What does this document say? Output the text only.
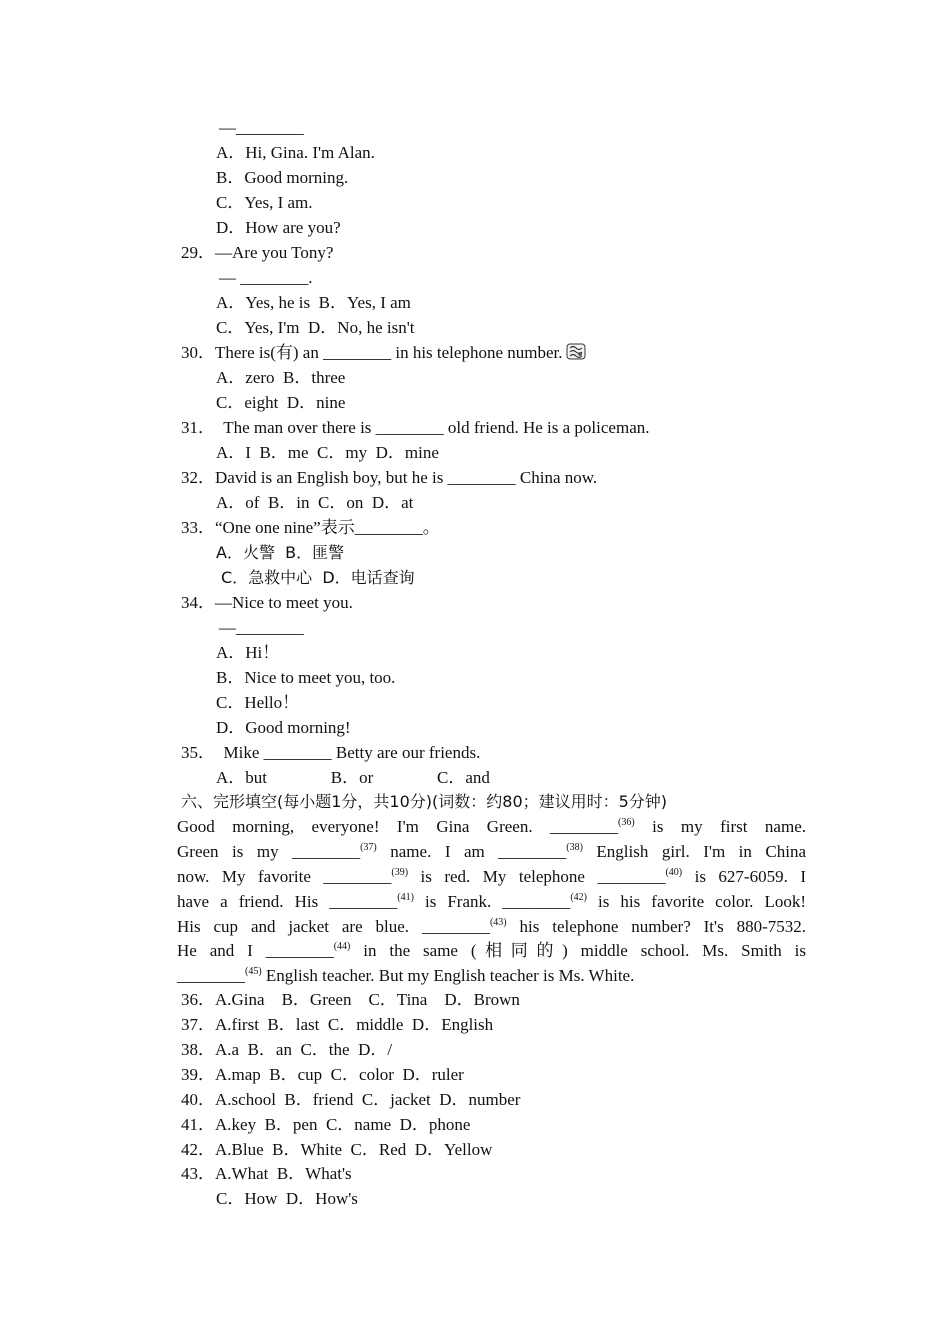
—________
A．Hi, Gina. I'm Alan.
B．Good morning.
C．Yes, I am.
D．How are you?
29．—Are you Tony?
— ________.
A．Yes, he is  B．Yes, I am
C．Yes, I'm  D．No, he isn't
30．There is(有) an ________ in his telephone number.
A．zero  B．three
C．eight  D．nine
31．  The man over there is ________ old friend. He is a policeman.
A．I  B．me  C．my  D．mine
32．David is an English boy, but he is ________ China now.
A．of  B．in  C．on  D．at
33．“One one nine”表示________。
A．火警  B．匪警
C．急救中心  D．电话查询
34．—Nice to meet you.
—________
A．Hi！
B．Nice to meet you, too.
C．Hello！
D．Good morning!
35．  Mike ________ Betty are our friends.
A．but               B．or               C．and
六、完形填空(每小题1分，共10分)(词数：约80；建议用时：5分钟)
Good morning, everyone! I'm Gina Green. ________$^{(36)}$ is my first name.
Green is my ________$^{(37)}$ name. I am ________$^{(38)}$ English girl. I'm in China
now. My favorite ________$^{(39)}$ is red. My telephone ________$^{(40)}$ is 627-6059. I
have a friend. His ________$^{(41)}$ is Frank. ________$^{(42)}$ is his favorite color. Look!
His cup and jacket are blue. ________$^{(43)}$ his telephone number? It's 880-7532.
He and I ________$^{(44)}$ in the same (相同的) middle school. Ms. Smith is
________$^{(45)}$ English teacher. But my English teacher is Ms. White.
36．A.Gina    B．Green    C．Tina    D．Brown
37．A.first  B．last  C．middle  D．English
38．A.a  B．an  C．the  D．/
39．A.map  B．cup  C．color  D．ruler
40．A.school  B．friend  C．jacket  D．number
41．A.key  B．pen  C．name  D．phone
42．A.Blue  B．White  C．Red  D．Yellow
43．A.What  B．What's
C．How  D．How's
